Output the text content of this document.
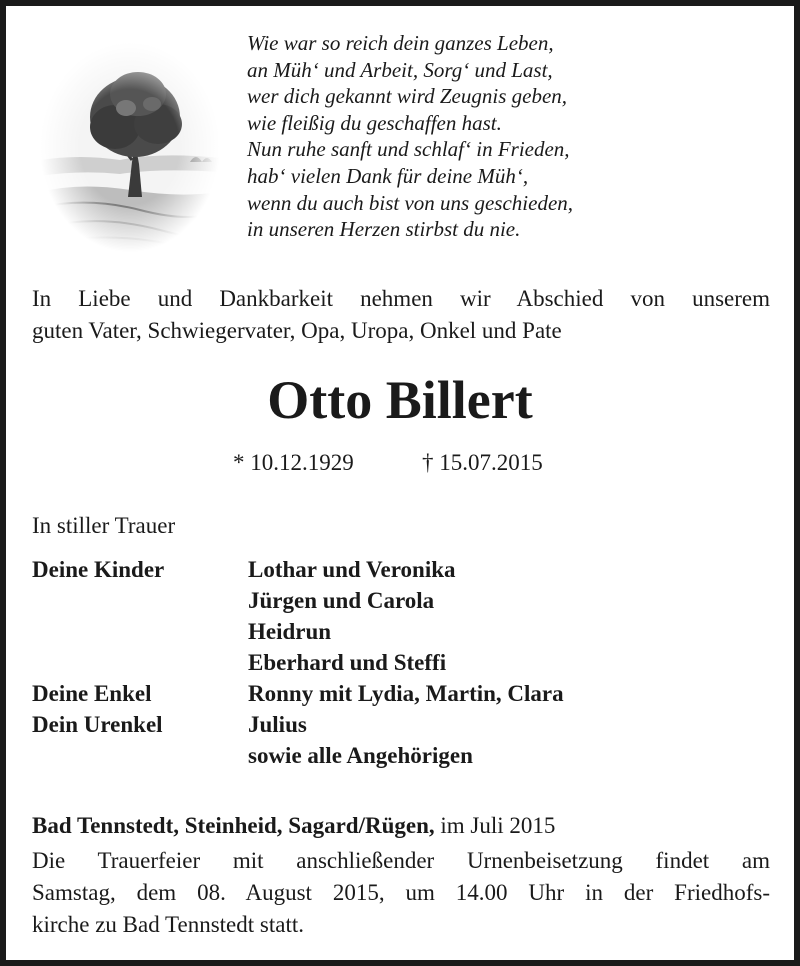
Wie war so reich dein ganzes Leben,
an Müh‘ und Arbeit, Sorg‘ und Last,
wer dich gekannt wird Zeugnis geben,
wie fleißig du geschaffen hast.
Nun ruhe sanft und schlaf‘ in Frieden,
hab‘ vielen Dank für deine Müh‘,
wenn du auch bist von uns geschieden,
in unseren Herzen stirbst du nie.
In Liebe und Dankbarkeit nehmen wir Abschied von unserem
guten Vater, Schwiegervater, Opa, Uropa, Onkel und Pate
Otto Billert
* 10.12.1929	† 15.07.2015
In stiller Trauer
Deine Kinder	Lothar und Veronika
Jürgen und Carola
Heidrun
Eberhard und Steffi
Deine Enkel	Ronny mit Lydia, Martin, Clara
Dein Urenkel	Julius
sowie alle Angehörigen
Bad Tennstedt, Steinheid, Sagard/Rügen, im Juli 2015
Die Trauerfeier mit anschließender Urnenbeisetzung findet am
Samstag, dem 08. August 2015, um 14.00 Uhr in der Friedhofs-
kirche zu Bad Tennstedt statt.
